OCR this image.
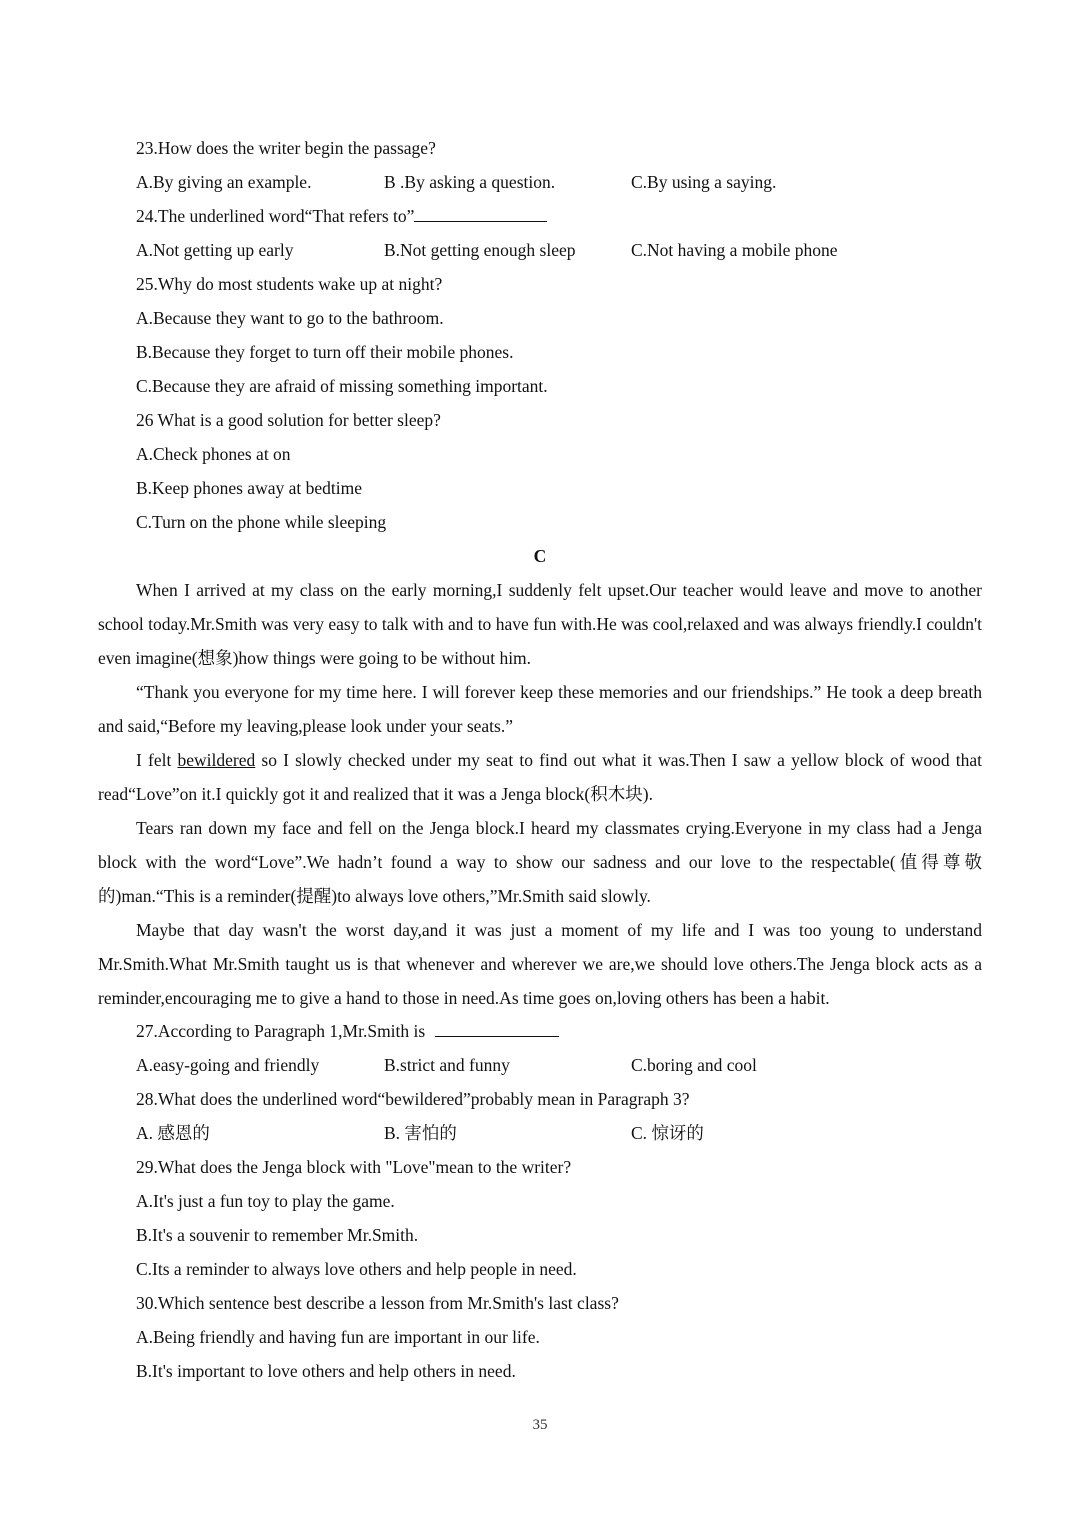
23.How does the writer begin the passage?
A.By giving an example.	B .By asking a question.	C.By using a saying.
24.The underlined word“That refers to”
A.Not getting up early	B.Not getting enough sleep	C.Not having a mobile phone
25.Why do most students wake up at night?
A.Because they want to go to the bathroom.
B.Because they forget to turn off their mobile phones.
C.Because they are afraid of missing something important.
26 What is a good solution for better sleep?
A.Check phones at on
B.Keep phones away at bedtime
C.Turn on the phone while sleeping
C

When I arrived at my class on the early morning,I suddenly felt upset.Our teacher would leave and move to another school today.Mr.Smith was very easy to talk with and to have fun with.He was cool,relaxed and was always friendly.I couldn't even imagine(想象)how things were going to be without him.

“Thank you everyone for my time here. I will forever keep these memories and our friendships.” He took a deep breath and said,“Before my leaving,please look under your seats.”

I felt bewildered so I slowly checked under my seat to find out what it was.Then I saw a yellow block of wood that read“Love”on it.I quickly got it and realized that it was a Jenga block(积木块).

Tears ran down my face and fell on the Jenga block.I heard my classmates crying.Everyone in my class had a Jenga block with the word“Love”.We hadn’t found a way to show our sadness and our love to the respectable(值得尊敬的)man.“This is a reminder(提醒)to always love others,”Mr.Smith said slowly.

Maybe that day wasn't the worst day,and it was just a moment of my life and I was too young to understand Mr.Smith.What Mr.Smith taught us is that whenever and wherever we are,we should love others.The Jenga block acts as a reminder,encouraging me to give a hand to those in need.As time goes on,loving others has been a habit.

27.According to Paragraph 1,Mr.Smith is
A.easy-going and friendly	B.strict and funny	C.boring and cool
28.What does the underlined word“bewildered”probably mean in Paragraph 3?
A. 感恩的	B. 害怕的	C. 惊讶的
29.What does the Jenga block with "Love"mean to the writer?
A.It's just a fun toy to play the game.
B.It's a souvenir to remember Mr.Smith.
C.Its a reminder to always love others and help people in need.
30.Which sentence best describe a lesson from Mr.Smith's last class?
A.Being friendly and having fun are important in our life.
B.It's important to love others and help others in need.
35
